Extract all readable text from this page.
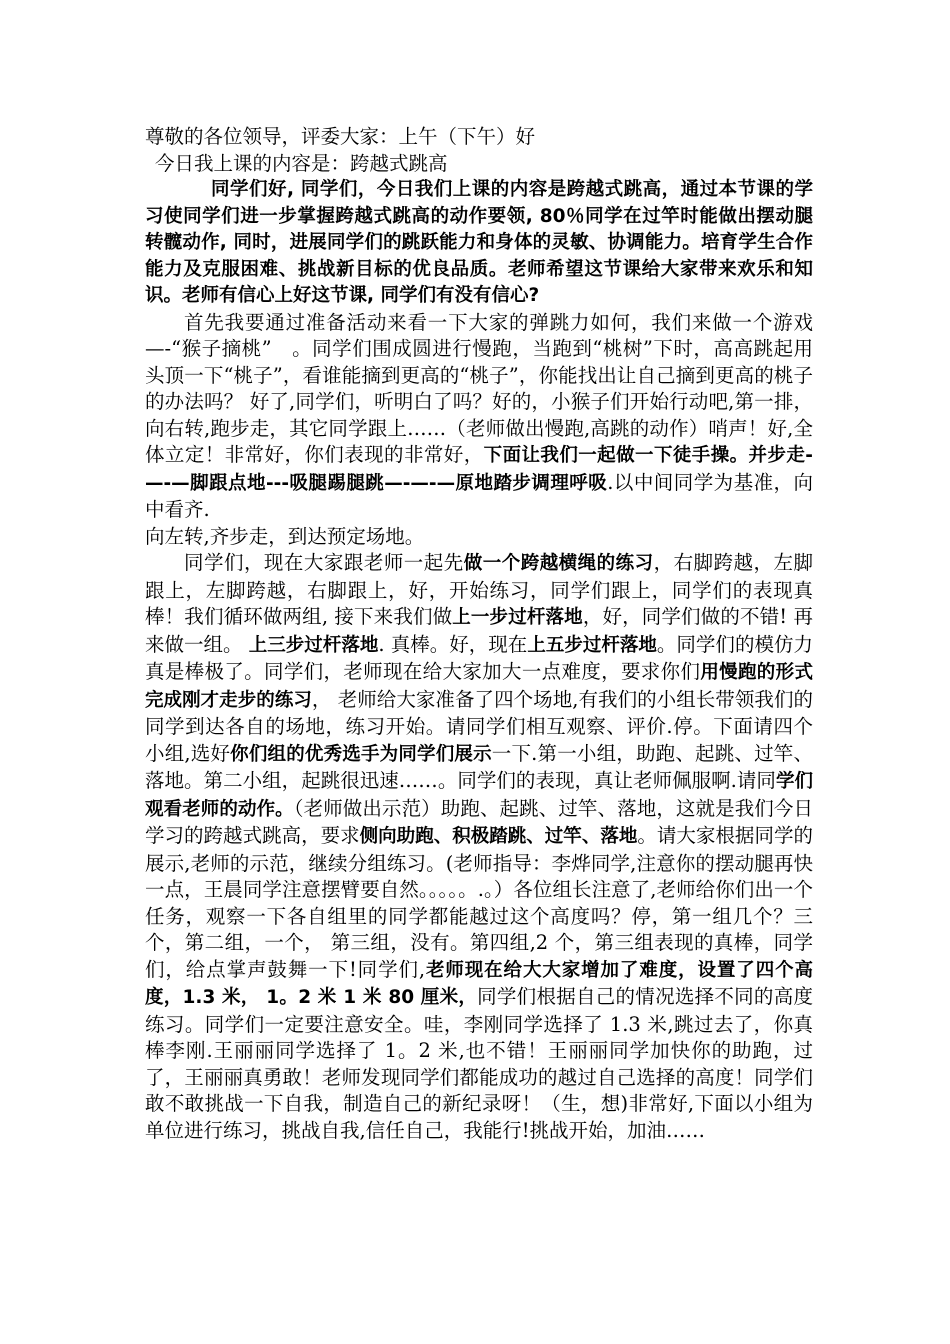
尊敬的各位领导，评委大家：上午（下午）好

今日我上课的内容是：跨越式跳高

同学们好, 同学们，今日我们上课的内容是跨越式跳高，通过本节课的学习使同学们进一步掌握跨越式跳高的动作要领, 80％同学在过竿时能做出摆动腿转髋动作, 同时，进展同学们的跳跃能力和身体的灵敏、协调能力。培育学生合作能力及克服困难、挑战新目标的优良品质。老师希望这节课给大家带来欢乐和知识。老师有信心上好这节课, 同学们有没有信心?

首先我要通过准备活动来看一下大家的弹跳力如何，我们来做一个游戏—-“猴子摘桃”　。同学们围成圆进行慢跑，当跑到“桃树”下时，高高跳起用头顶一下“桃子”，看谁能摘到更高的“桃子”，你能找出让自己摘到更高的桃子的办法吗？ 好了,同学们，听明白了吗？好的，小猴子们开始行动吧,第一排，向右转,跑步走，其它同学跟上……（老师做出慢跑,高跳的动作）哨声！好,全体立定！非常好，你们表现的非常好，下面让我们一起做一下徒手操。并步走-—-—脚跟点地---吸腿踢腿跳—-—-—原地踏步调理呼吸.以中间同学为基准，向中看齐.

向左转,齐步走，到达预定场地。

同学们，现在大家跟老师一起先做一个跨越横绳的练习，右脚跨越，左脚跟上，左脚跨越，右脚跟上，好，开始练习，同学们跟上，同学们的表现真棒！我们循环做两组, 接下来我们做上一步过杆落地，好，同学们做的不错! 再来做一组。 上三步过杆落地. 真棒。好，现在上五步过杆落地。同学们的模仿力真是棒极了。同学们，老师现在给大家加大一点难度，要求你们用慢跑的形式完成刚才走步的练习， 老师给大家准备了四个场地,有我们的小组长带领我们的同学到达各自的场地，练习开始。请同学们相互观察、评价.停。下面请四个小组,选好你们组的优秀选手为同学们展示一下.第一小组，助跑、起跳、过竿、落地。第二小组，起跳很迅速……。同学们的表现，真让老师佩服啊.请同学们观看老师的动作。（老师做出示范）助跑、起跳、过竿、落地，这就是我们今日学习的跨越式跳高，要求侧向助跑、积极踏跳、过竿、落地。请大家根据同学的展示,老师的示范，继续分组练习。(老师指导：李烨同学,注意你的摆动腿再快一点，王晨同学注意摆臂要自然。。。。。.。）各位组长注意了,老师给你们出一个任务，观察一下各自组里的同学都能越过这个高度吗？停，第一组几个？三个，第二组，一个， 第三组，没有。第四组,2 个，第三组表现的真棒，同学们，给点掌声鼓舞一下!同学们,老师现在给大大家增加了难度，设置了四个高度，1.3 米， 1。2 米 1 米 80 厘米，同学们根据自己的情况选择不同的高度练习。同学们一定要注意安全。哇，李刚同学选择了 1.3 米,跳过去了，你真棒李刚.王丽丽同学选择了 1。2 米,也不错！王丽丽同学加快你的助跑，过了，王丽丽真勇敢！老师发现同学们都能成功的越过自己选择的高度！同学们敢不敢挑战一下自我，制造自己的新纪录呀！（生，想)非常好,下面以小组为单位进行练习，挑战自我,信任自己，我能行!挑战开始，加油……
